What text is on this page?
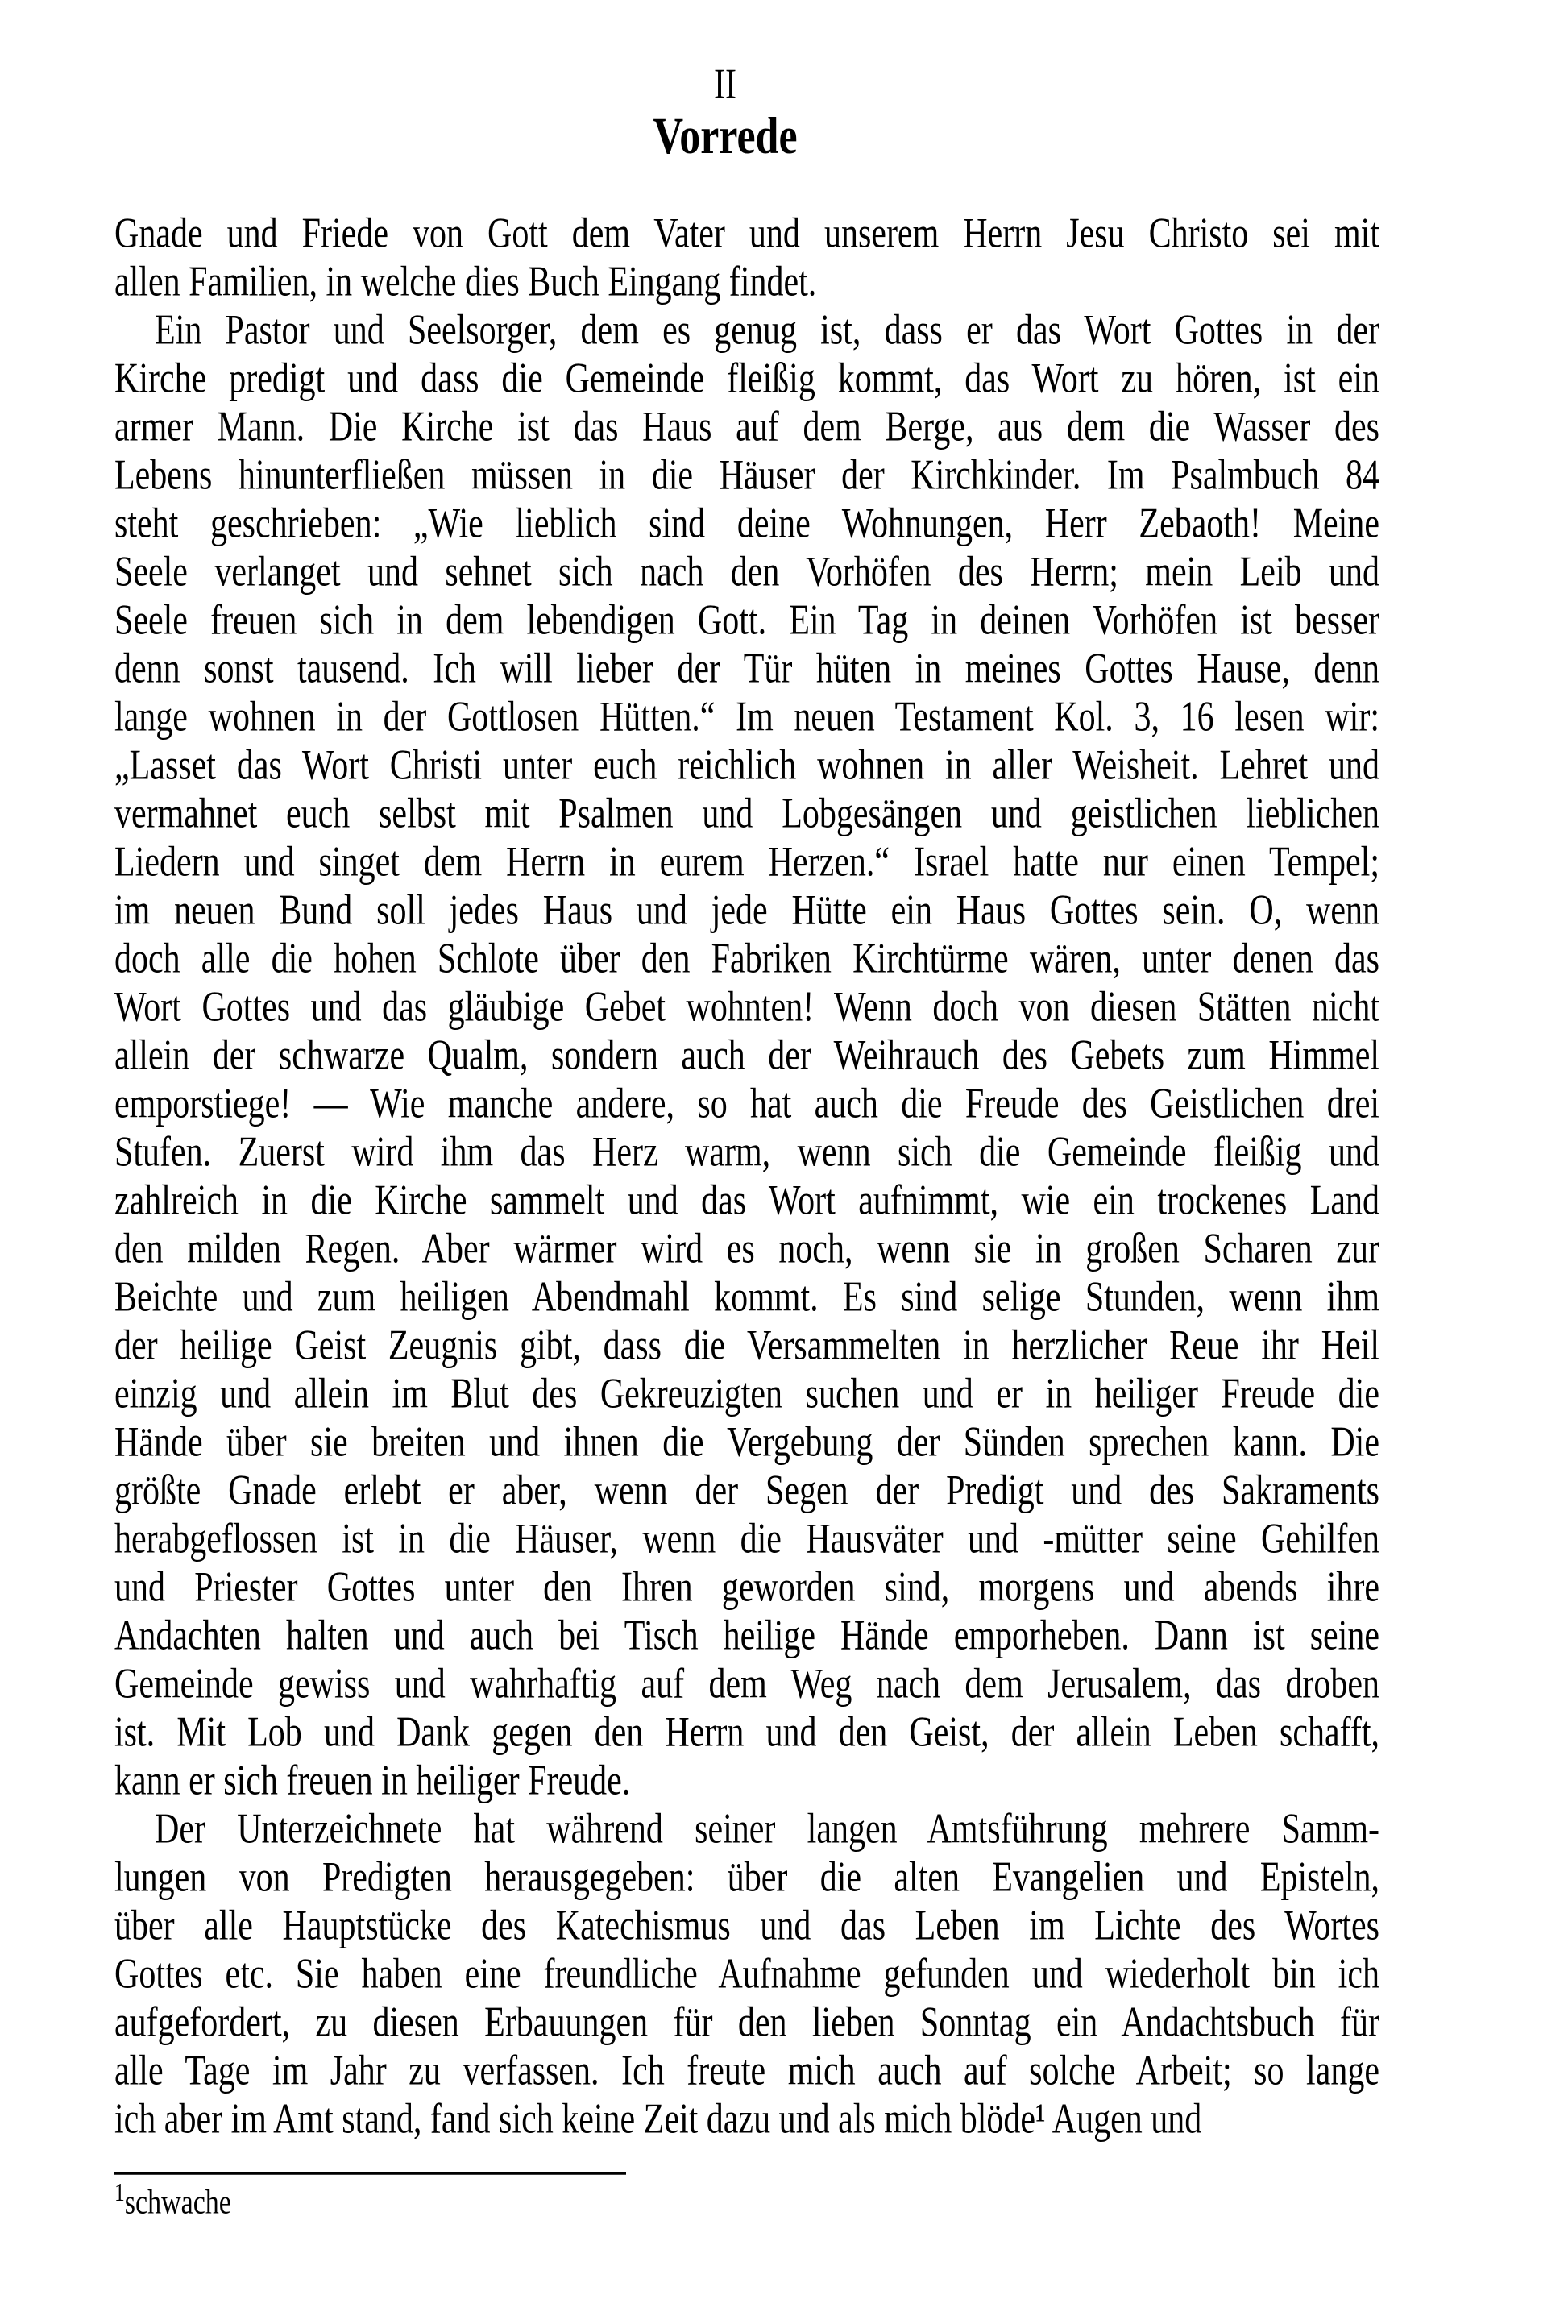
II
Vorrede
Gnade und Friede von Gott dem Vater und unserem Herrn Jesu Christo sei mit
allen Familien, in welche dies Buch Eingang findet.
Ein Pastor und Seelsorger, dem es genug ist, dass er das Wort Gottes in der
Kirche predigt und dass die Gemeinde fleißig kommt, das Wort zu hören, ist ein
armer Mann. Die Kirche ist das Haus auf dem Berge, aus dem die Wasser des
Lebens hinunterfließen müssen in die Häuser der Kirchkinder. Im Psalmbuch 84
steht geschrieben: „Wie lieblich sind deine Wohnungen, Herr Zebaoth! Meine
Seele verlanget und sehnet sich nach den Vorhöfen des Herrn; mein Leib und
Seele freuen sich in dem lebendigen Gott. Ein Tag in deinen Vorhöfen ist besser
denn sonst tausend. Ich will lieber der Tür hüten in meines Gottes Hause, denn
lange wohnen in der Gottlosen Hütten.“ Im neuen Testament Kol. 3, 16 lesen wir:
„Lasset das Wort Christi unter euch reichlich wohnen in aller Weisheit. Lehret und
vermahnet euch selbst mit Psalmen und Lobgesängen und geistlichen lieblichen
Liedern und singet dem Herrn in eurem Herzen.“ Israel hatte nur einen Tempel;
im neuen Bund soll jedes Haus und jede Hütte ein Haus Gottes sein. O, wenn
doch alle die hohen Schlote über den Fabriken Kirchtürme wären, unter denen das
Wort Gottes und das gläubige Gebet wohnten! Wenn doch von diesen Stätten nicht
allein der schwarze Qualm, sondern auch der Weihrauch des Gebets zum Himmel
emporstiege! — Wie manche andere, so hat auch die Freude des Geistlichen drei
Stufen. Zuerst wird ihm das Herz warm, wenn sich die Gemeinde fleißig und
zahlreich in die Kirche sammelt und das Wort aufnimmt, wie ein trockenes Land
den milden Regen. Aber wärmer wird es noch, wenn sie in großen Scharen zur
Beichte und zum heiligen Abendmahl kommt. Es sind selige Stunden, wenn ihm
der heilige Geist Zeugnis gibt, dass die Versammelten in herzlicher Reue ihr Heil
einzig und allein im Blut des Gekreuzigten suchen und er in heiliger Freude die
Hände über sie breiten und ihnen die Vergebung der Sünden sprechen kann. Die
größte Gnade erlebt er aber, wenn der Segen der Predigt und des Sakraments
herabgeflossen ist in die Häuser, wenn die Hausväter und -mütter seine Gehilfen
und Priester Gottes unter den Ihren geworden sind, morgens und abends ihre
Andachten halten und auch bei Tisch heilige Hände emporheben. Dann ist seine
Gemeinde gewiss und wahrhaftig auf dem Weg nach dem Jerusalem, das droben
ist. Mit Lob und Dank gegen den Herrn und den Geist, der allein Leben schafft,
kann er sich freuen in heiliger Freude.
Der Unterzeichnete hat während seiner langen Amtsführung mehrere Samm-
lungen von Predigten herausgegeben: über die alten Evangelien und Episteln,
über alle Hauptstücke des Katechismus und das Leben im Lichte des Wortes
Gottes etc. Sie haben eine freundliche Aufnahme gefunden und wiederholt bin ich
aufgefordert, zu diesen Erbauungen für den lieben Sonntag ein Andachtsbuch für
alle Tage im Jahr zu verfassen. Ich freute mich auch auf solche Arbeit; so lange
ich aber im Amt stand, fand sich keine Zeit dazu und als mich blöde¹ Augen und
$^1$schwache
